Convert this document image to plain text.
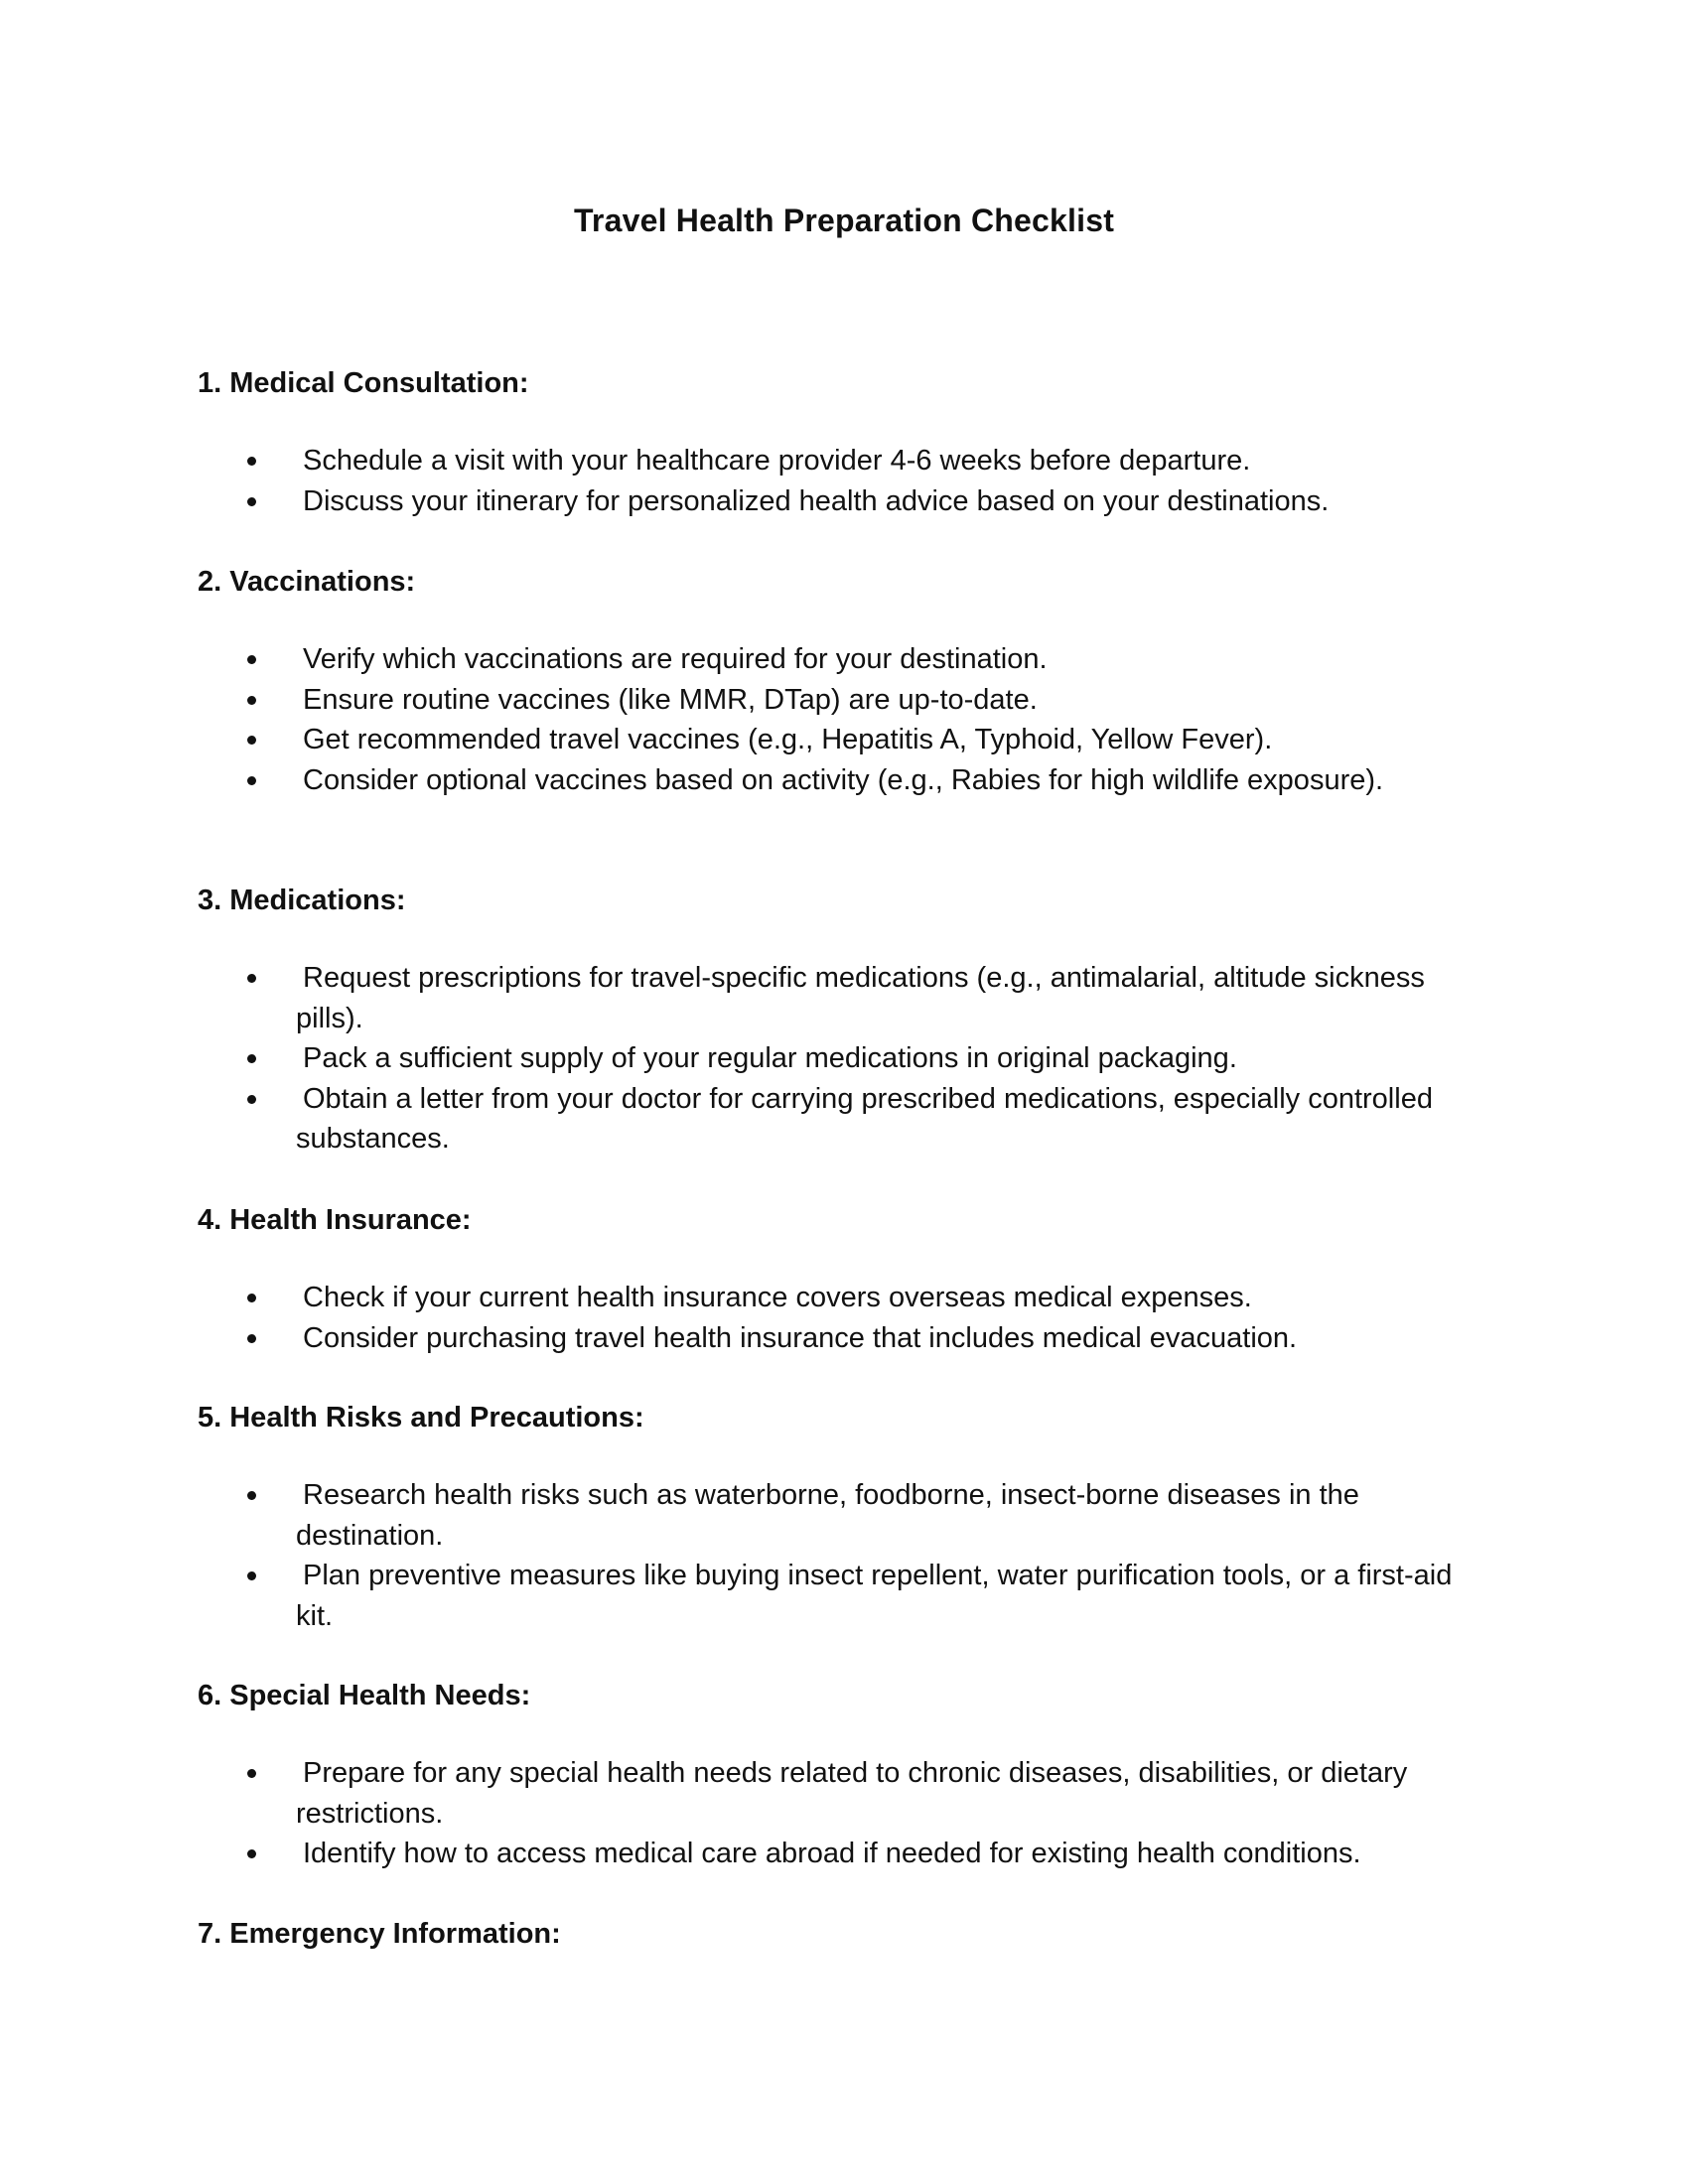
Travel Health Preparation Checklist
1. Medical Consultation:
Schedule a visit with your healthcare provider 4-6 weeks before departure.
Discuss your itinerary for personalized health advice based on your destinations.
2. Vaccinations:
Verify which vaccinations are required for your destination.
Ensure routine vaccines (like MMR, DTap) are up-to-date.
Get recommended travel vaccines (e.g., Hepatitis A, Typhoid, Yellow Fever).
Consider optional vaccines based on activity (e.g., Rabies for high wildlife exposure).
3. Medications:
Request prescriptions for travel-specific medications (e.g., antimalarial, altitude sickness pills).
Pack a sufficient supply of your regular medications in original packaging.
Obtain a letter from your doctor for carrying prescribed medications, especially controlled substances.
4. Health Insurance:
Check if your current health insurance covers overseas medical expenses.
Consider purchasing travel health insurance that includes medical evacuation.
5. Health Risks and Precautions:
Research health risks such as waterborne, foodborne, insect-borne diseases in the destination.
Plan preventive measures like buying insect repellent, water purification tools, or a first-aid kit.
6. Special Health Needs:
Prepare for any special health needs related to chronic diseases, disabilities, or dietary restrictions.
Identify how to access medical care abroad if needed for existing health conditions.
7. Emergency Information:
